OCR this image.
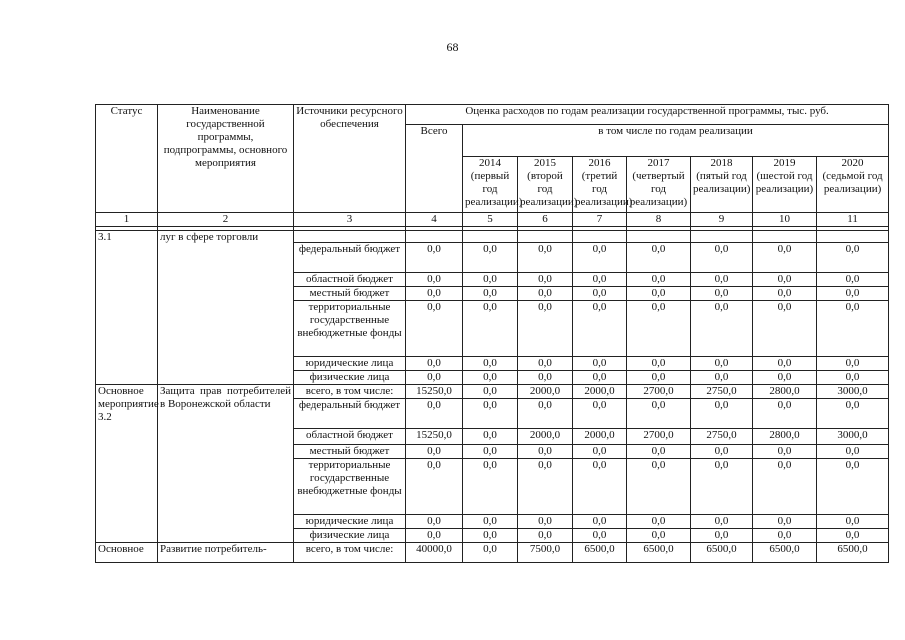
68
Статус	Наименование государственной программы, подпрограммы, основного мероприятия	Источники ресурсного обеспечения	Оценка расходов по годам реализации государственной программы, тыс. руб.							
			Всего	в том числе по годам реализации						
				2014 (первый год реализации)	2015 (второй год реализации)	2016 (третий год реализации)	2017 (четвертый год реализации)	2018 (пятый год реализации)	2019 (шестой год реализации)	2020 (седьмой год реализации)
1	2	3	4	5	6	7	8	9	10	11

3.1	луг в сфере торговли									
		федеральный бюджет	0,0	0,0	0,0	0,0	0,0	0,0	0,0	0,0
		областной бюджет	0,0	0,0	0,0	0,0	0,0	0,0	0,0	0,0
		местный бюджет	0,0	0,0	0,0	0,0	0,0	0,0	0,0	0,0
		территориальные государственные внебюджетные фонды	0,0	0,0	0,0	0,0	0,0	0,0	0,0	0,0
		юридические лица	0,0	0,0	0,0	0,0	0,0	0,0	0,0	0,0
		физические лица	0,0	0,0	0,0	0,0	0,0	0,0	0,0	0,0
Основное мероприятие 3.2	Защита прав потребителей в Воронежской области	всего, в том числе:	15250,0	0,0	2000,0	2000,0	2700,0	2750,0	2800,0	3000,0
		федеральный бюджет	0,0	0,0	0,0	0,0	0,0	0,0	0,0	0,0
		областной бюджет	15250,0	0,0	2000,0	2000,0	2700,0	2750,0	2800,0	3000,0
		местный бюджет	0,0	0,0	0,0	0,0	0,0	0,0	0,0	0,0
		территориальные государственные внебюджетные фонды	0,0	0,0	0,0	0,0	0,0	0,0	0,0	0,0
		юридические лица	0,0	0,0	0,0	0,0	0,0	0,0	0,0	0,0
		физические лица	0,0	0,0	0,0	0,0	0,0	0,0	0,0	0,0
Основное	Развитие потребитель-	всего, в том числе:	40000,0	0,0	7500,0	6500,0	6500,0	6500,0	6500,0	6500,0
